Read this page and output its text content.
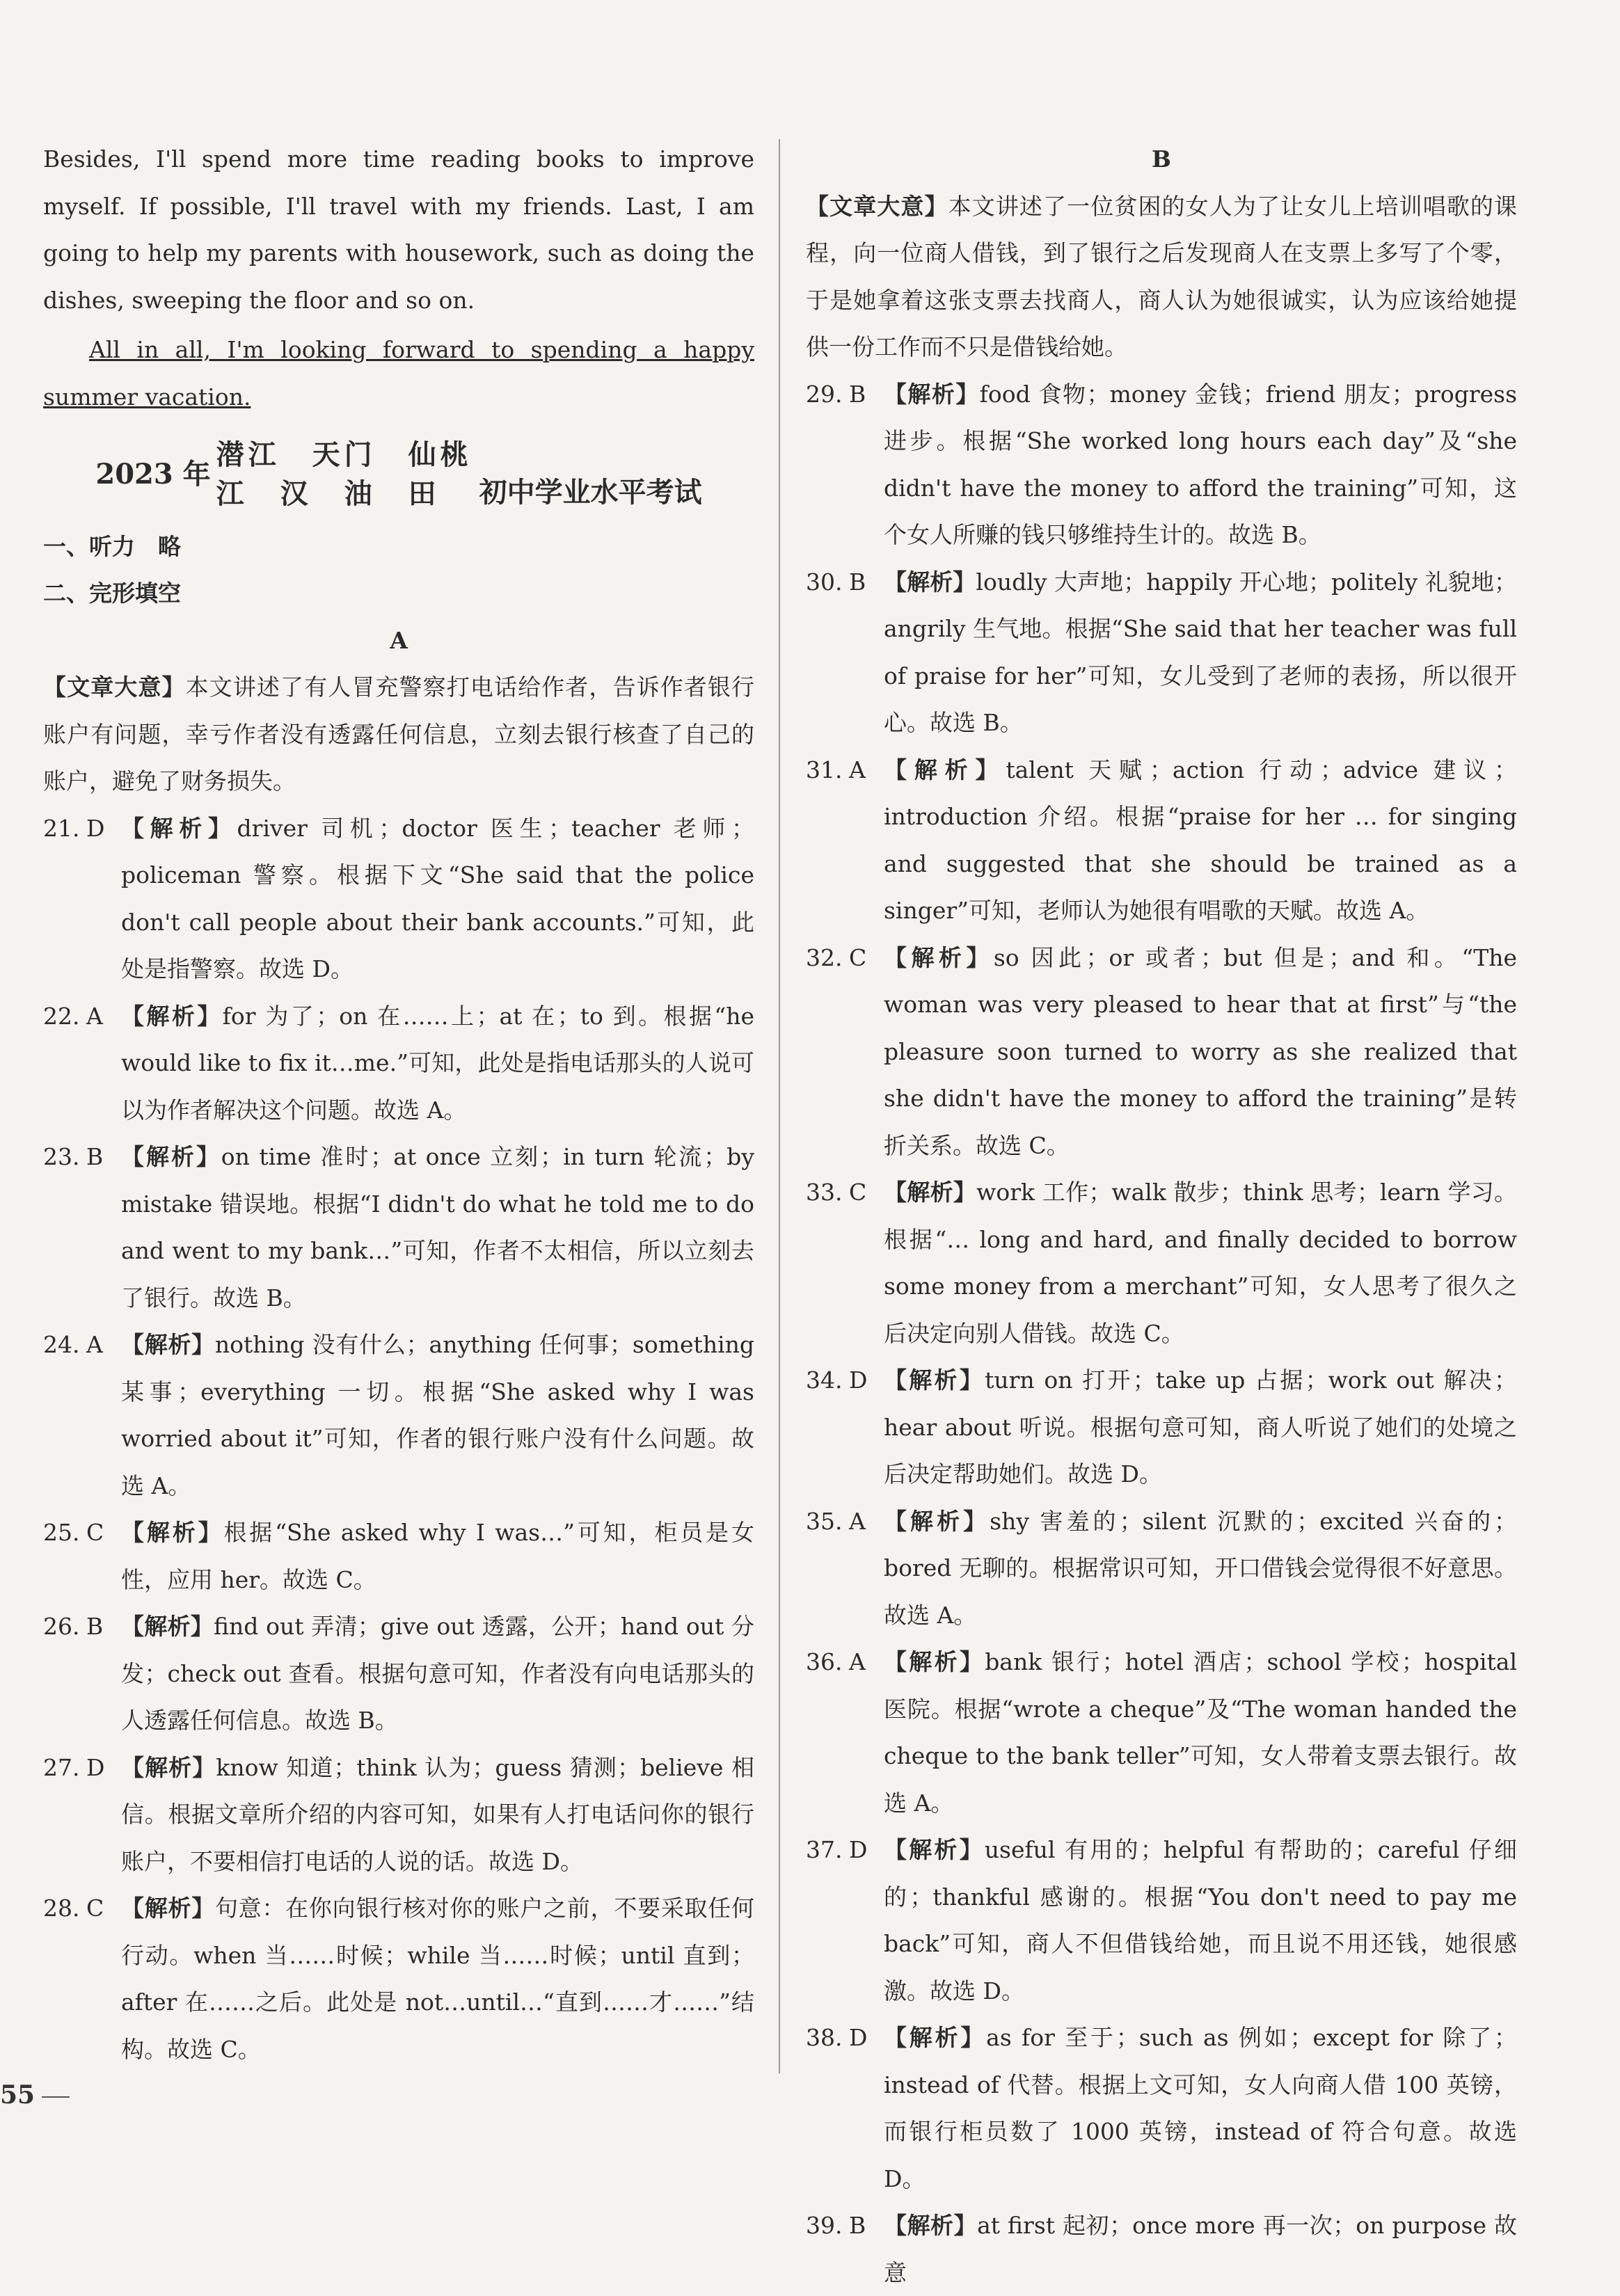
Besides, I'll spend more time reading books to improve myself. If possible, I'll travel with my friends. Last, I am going to help my parents with housework, such as doing the dishes, sweeping the floor and so on.

All in all, I'm looking forward to spending a happy summer vacation.

2023 年
潜江　天门　仙桃
江　汉　油　田	初中学业水平考试

一、听力　略

二、完形填空

A

【文章大意】本文讲述了有人冒充警察打电话给作者，告诉作者银行账户有问题，幸亏作者没有透露任何信息，立刻去银行核查了自己的账户，避免了财务损失。

21. D 【解析】driver 司机；doctor 医生；teacher 老师；policeman 警察。根据下文“She said that the police don't call people about their bank accounts.”可知，此处是指警察。故选 D。
22. A 【解析】for 为了；on 在……上；at 在；to 到。根据“he would like to fix it…me.”可知，此处是指电话那头的人说可以为作者解决这个问题。故选 A。
23. B 【解析】on time 准时；at once 立刻；in turn 轮流；by mistake 错误地。根据“I didn't do what he told me to do and went to my bank…”可知，作者不太相信，所以立刻去了银行。故选 B。
24. A 【解析】nothing 没有什么；anything 任何事；something 某事；everything 一切。根据“She asked why I was worried about it”可知，作者的银行账户没有什么问题。故选 A。
25. C 【解析】根据“She asked why I was…”可知，柜员是女性，应用 her。故选 C。
26. B 【解析】find out 弄清；give out 透露，公开；hand out 分发；check out 查看。根据句意可知，作者没有向电话那头的人透露任何信息。故选 B。
27. D 【解析】know 知道；think 认为；guess 猜测；believe 相信。根据文章所介绍的内容可知，如果有人打电话问你的银行账户，不要相信打电话的人说的话。故选 D。
28. C 【解析】句意：在你向银行核对你的账户之前，不要采取任何行动。when 当……时候；while 当……时候；until 直到；after 在……之后。此处是 not…until…“直到……才……”结构。故选 C。

B

【文章大意】本文讲述了一位贫困的女人为了让女儿上培训唱歌的课程，向一位商人借钱，到了银行之后发现商人在支票上多写了个零，于是她拿着这张支票去找商人，商人认为她很诚实，认为应该给她提供一份工作而不只是借钱给她。

29. B 【解析】food 食物；money 金钱；friend 朋友；progress 进步。根据“She worked long hours each day”及“she didn't have the money to afford the training”可知，这个女人所赚的钱只够维持生计的。故选 B。
30. B 【解析】loudly 大声地；happily 开心地；politely 礼貌地；angrily 生气地。根据“She said that her teacher was full of praise for her”可知，女儿受到了老师的表扬，所以很开心。故选 B。
31. A 【解析】talent 天赋；action 行动；advice 建议；introduction 介绍。根据“praise for her … for singing and suggested that she should be trained as a singer”可知，老师认为她很有唱歌的天赋。故选 A。
32. C 【解析】so 因此；or 或者；but 但是；and 和。“The woman was very pleased to hear that at first”与“the pleasure soon turned to worry as she realized that she didn't have the money to afford the training”是转折关系。故选 C。
33. C 【解析】work 工作；walk 散步；think 思考；learn 学习。根据“… long and hard, and finally decided to borrow some money from a merchant”可知，女人思考了很久之后决定向别人借钱。故选 C。
34. D 【解析】turn on 打开；take up 占据；work out 解决；hear about 听说。根据句意可知，商人听说了她们的处境之后决定帮助她们。故选 D。
35. A 【解析】shy 害羞的；silent 沉默的；excited 兴奋的；bored 无聊的。根据常识可知，开口借钱会觉得很不好意思。故选 A。
36. A 【解析】bank 银行；hotel 酒店；school 学校；hospital 医院。根据“wrote a cheque”及“The woman handed the cheque to the bank teller”可知，女人带着支票去银行。故选 A。
37. D 【解析】useful 有用的；helpful 有帮助的；careful 仔细的；thankful 感谢的。根据“You don't need to pay me back”可知，商人不但借钱给她，而且说不用还钱，她很感激。故选 D。
38. D 【解析】as for 至于；such as 例如；except for 除了；instead of 代替。根据上文可知，女人向商人借 100 英镑，而银行柜员数了 1000 英镑，instead of 符合句意。故选 D。
39. B 【解析】at first 起初；once more 再一次；on purpose 故意
55
